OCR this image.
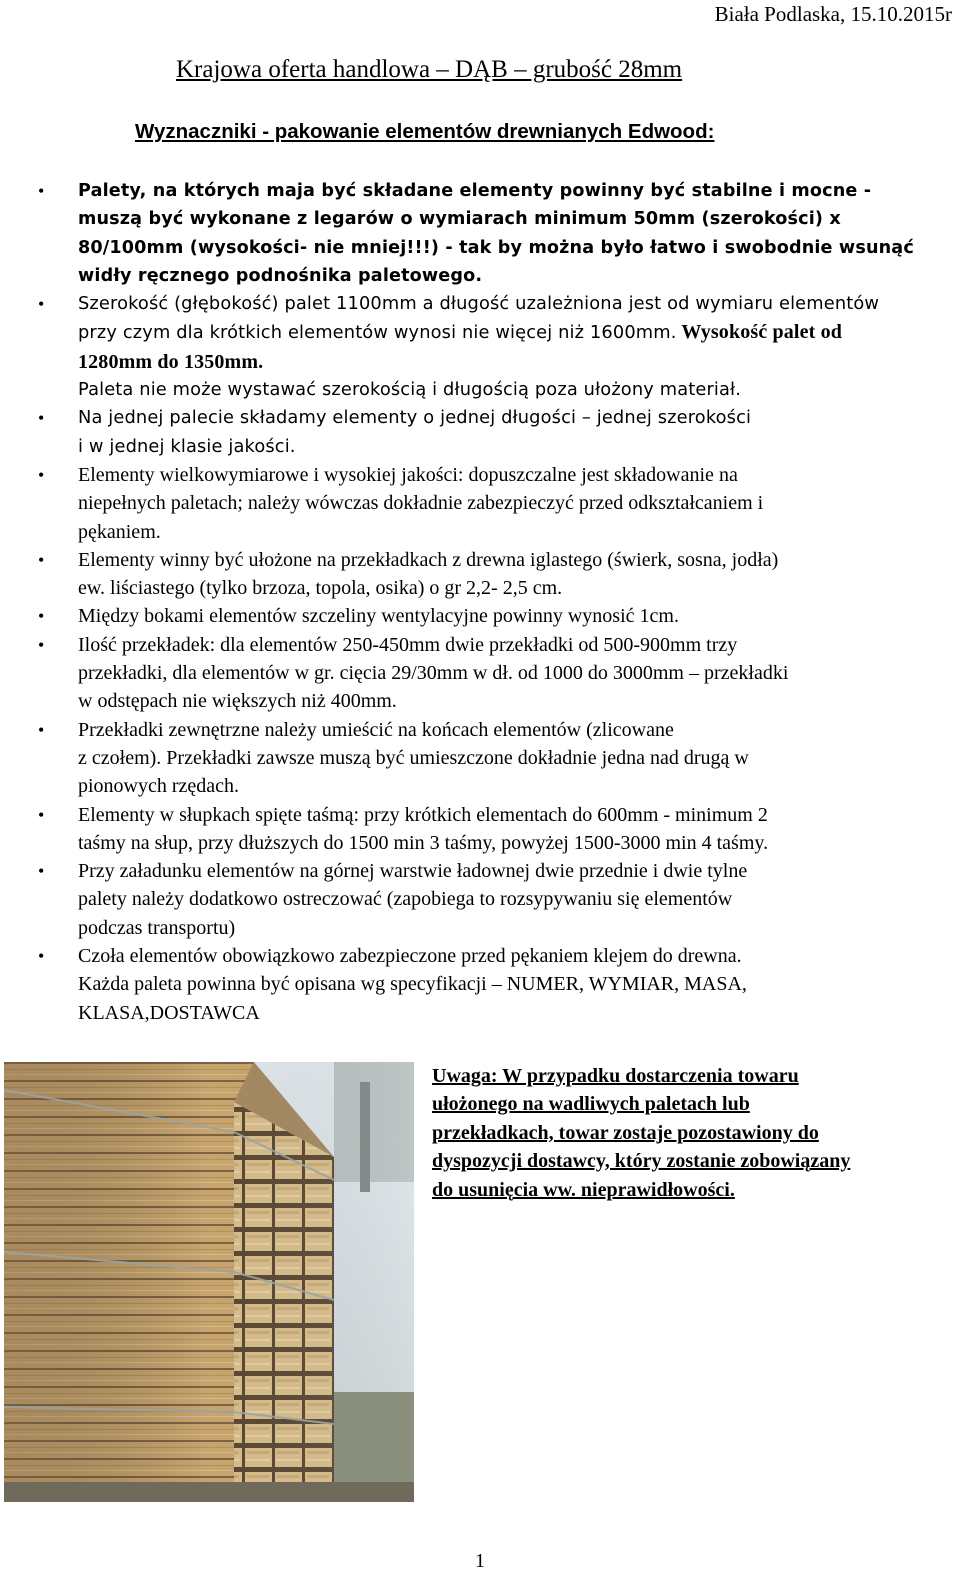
Biała Podlaska, 15.10.2015r
Krajowa oferta handlowa – DĄB – grubość 28mm
Wyznaczniki - pakowanie elementów drewnianych Edwood:
• Palety, na których maja być składane elementy powinny być stabilne i mocne -
muszą być wykonane z legarów o wymiarach minimum 50mm (szerokości) x
80/100mm (wysokości- nie mniej!!!) - tak by można było łatwo i swobodnie wsunąć
widły ręcznego podnośnika paletowego.
• Szerokość (głębokość) palet 1100mm a długość uzależniona jest od wymiaru elementów
przy czym dla krótkich elementów wynosi nie więcej niż 1600mm. Wysokość palet od
1280mm do 1350mm.
Paleta nie może wystawać szerokością i długością poza ułożony materiał.
• Na jednej palecie składamy elementy o jednej długości – jednej szerokości
i w jednej klasie jakości.
• Elementy wielkowymiarowe i wysokiej jakości: dopuszczalne jest składowanie na
niepełnych paletach; należy wówczas dokładnie zabezpieczyć przed odkształcaniem i
pękaniem.
• Elementy winny być ułożone na przekładkach z drewna iglastego (świerk, sosna, jodła)
ew. liściastego (tylko brzoza, topola, osika) o gr 2,2- 2,5 cm.
• Między bokami elementów szczeliny wentylacyjne powinny wynosić 1cm.
• Ilość przekładek: dla elementów 250-450mm dwie przekładki od 500-900mm trzy
przekładki, dla elementów w gr. cięcia 29/30mm w dł. od 1000 do 3000mm – przekładki
w odstępach nie większych niż 400mm.
• Przekładki zewnętrzne należy umieścić na końcach elementów (zlicowane
z czołem). Przekładki zawsze muszą być umieszczone dokładnie jedna nad drugą w
pionowych rzędach.
• Elementy w słupkach spięte taśmą: przy krótkich elementach do 600mm - minimum 2
taśmy na słup, przy dłuższych do 1500 min 3 taśmy, powyżej 1500-3000 min 4 taśmy.
• Przy załadunku elementów na górnej warstwie ładownej dwie przednie i dwie tylne
palety należy dodatkowo ostreczować (zapobiega to rozsypywaniu się elementów
podczas transportu)
• Czoła elementów obowiązkowo zabezpieczone przed pękaniem klejem do drewna.
Każda paleta powinna być opisana wg specyfikacji – NUMER, WYMIAR, MASA,
KLASA,DOSTAWCA
Uwaga: W przypadku dostarczenia towaru
ułożonego na wadliwych paletach lub
przekładkach, towar zostaje pozostawiony do
dyspozycji dostawcy, który zostanie zobowiązany
do usunięcia ww. nieprawidłowości.
1
